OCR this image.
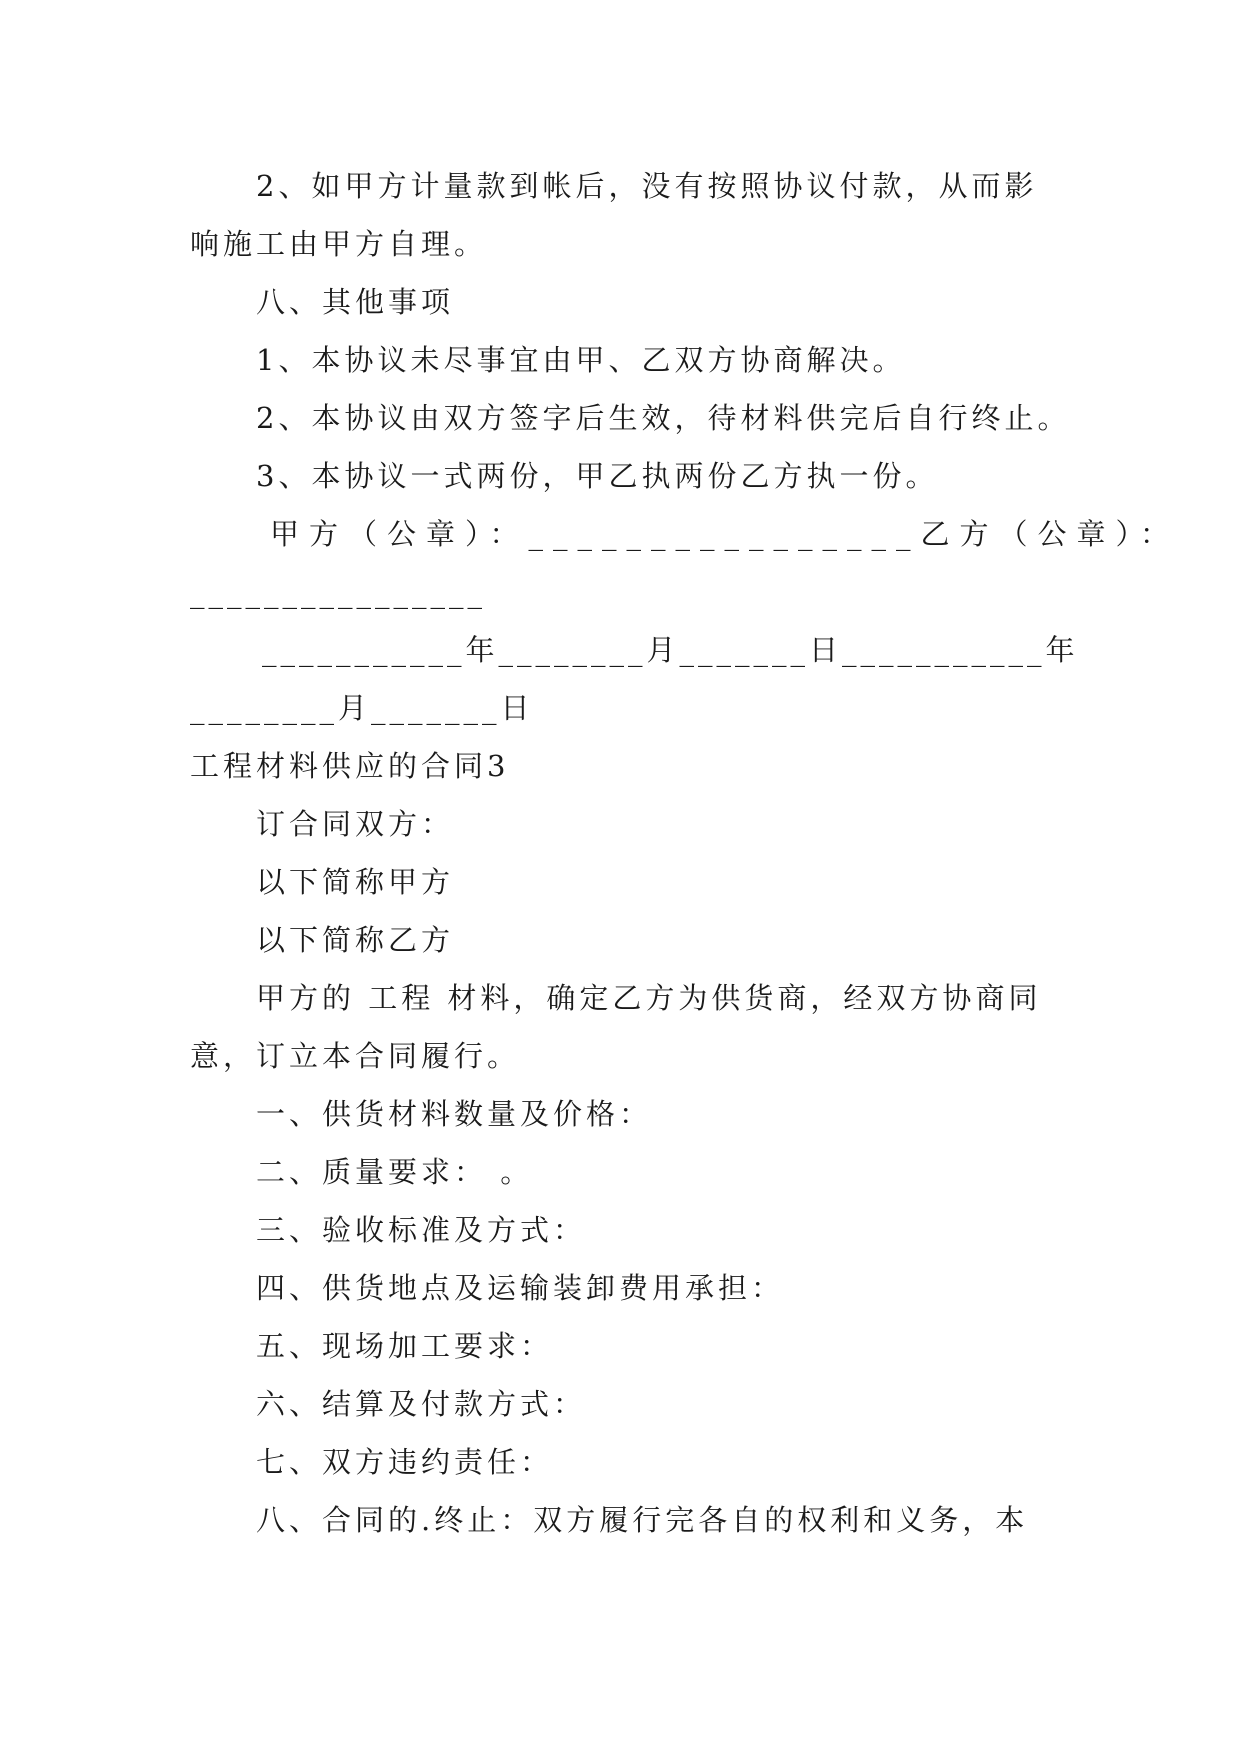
2、如甲方计量款到帐后，没有按照协议付款，从而影
响施工由甲方自理。
八、其他事项
1、本协议未尽事宜由甲、乙双方协商解决。
2、本协议由双方签字后生效，待材料供完后自行终止。
3、本协议一式两份，甲乙执两份乙方执一份。
甲方（公章）：________________乙方（公章）：
________________
___________年________月_______日___________年
________月_______日
工程材料供应的合同3
订合同双方：
以下简称甲方
以下简称乙方
甲方的 工程 材料，确定乙方为供货商，经双方协商同
意，订立本合同履行。
一、供货材料数量及价格：
二、质量要求： 。
三、验收标准及方式：
四、供货地点及运输装卸费用承担：
五、现场加工要求：
六、结算及付款方式：
七、双方违约责任：
八、合同的.终止：双方履行完各自的权利和义务，本
